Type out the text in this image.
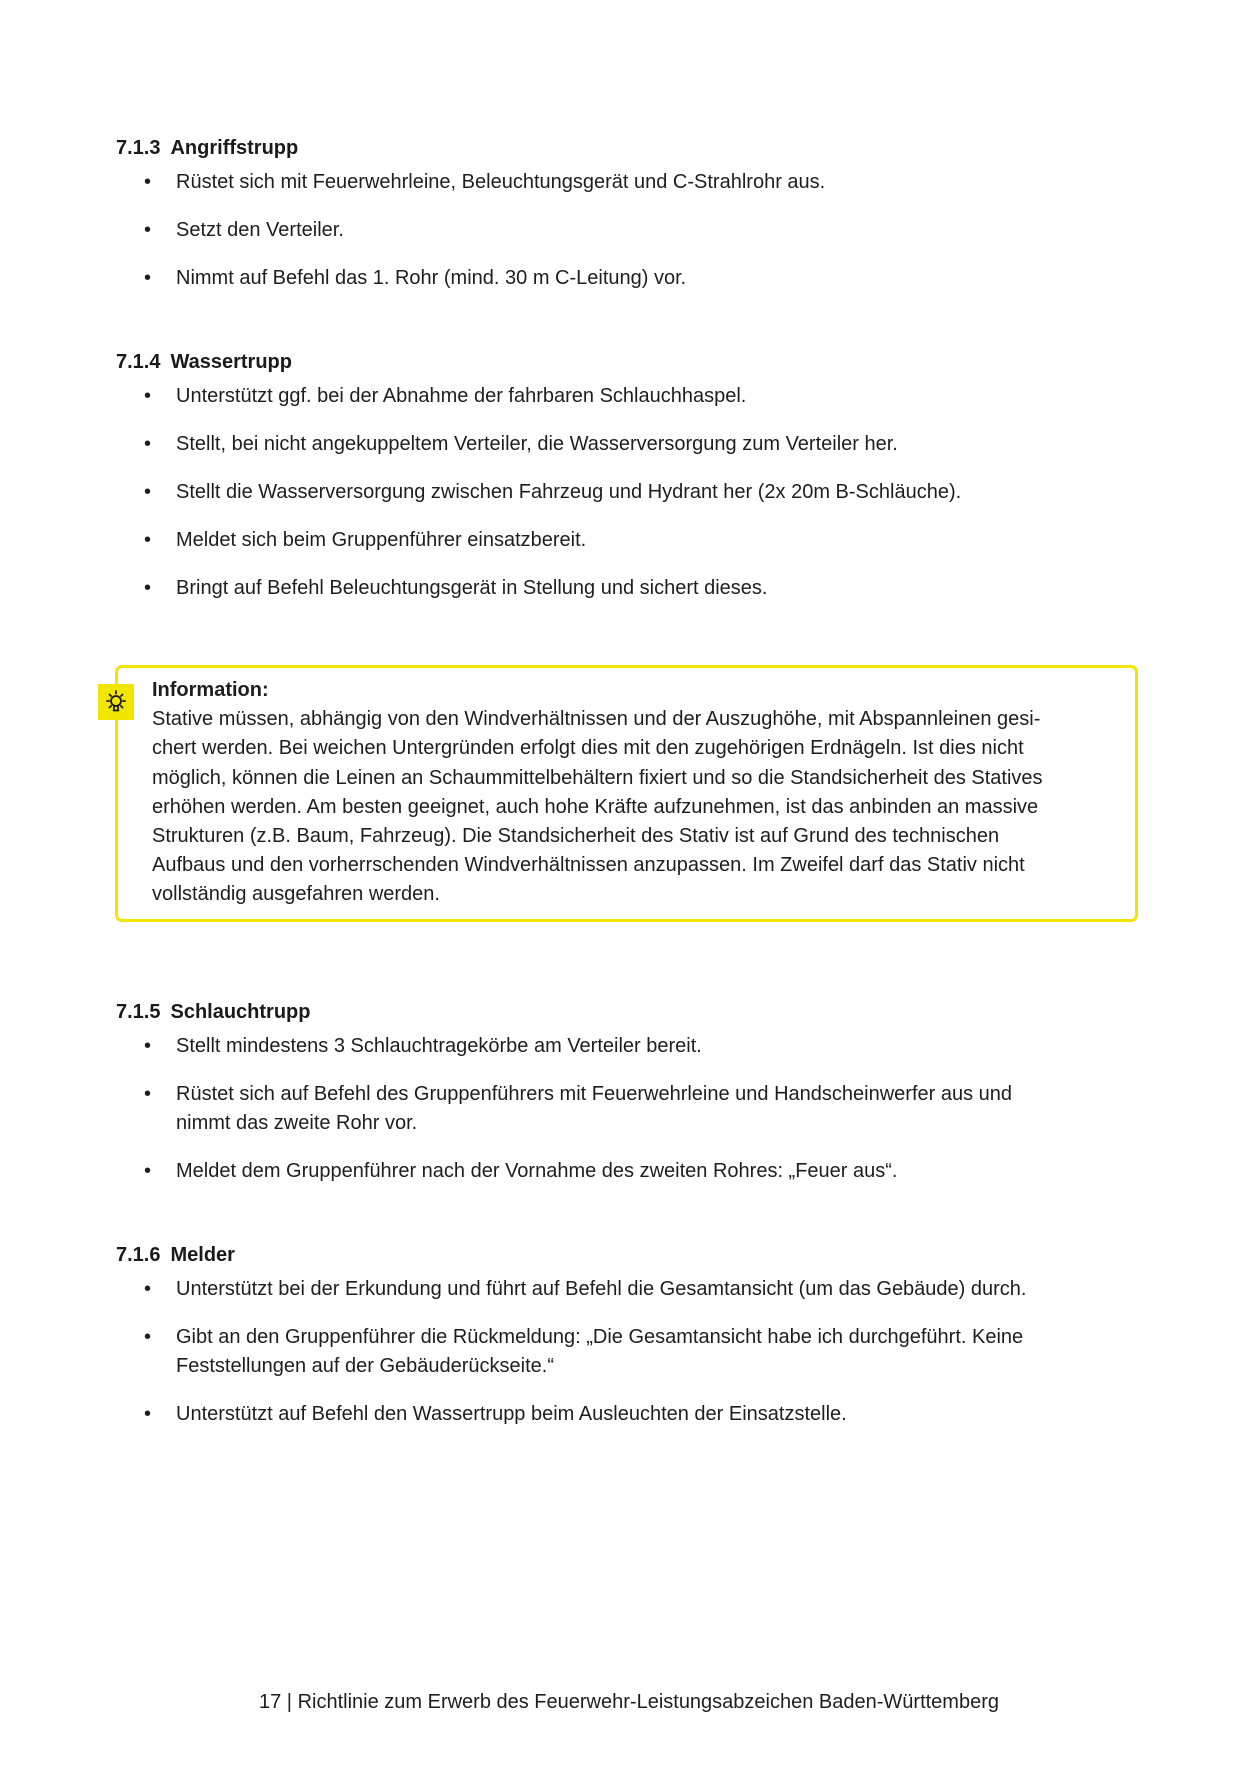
7.1.3 Angriffstrupp
• Rüstet sich mit Feuerwehrleine, Beleuchtungsgerät und C-Strahlrohr aus.
• Setzt den Verteiler.
• Nimmt auf Befehl das 1. Rohr (mind. 30 m C-Leitung) vor.
7.1.4 Wassertrupp
• Unterstützt ggf. bei der Abnahme der fahrbaren Schlauchhaspel.
• Stellt, bei nicht angekuppeltem Verteiler, die Wasserversorgung zum Verteiler her.
• Stellt die Wasserversorgung zwischen Fahrzeug und Hydrant her (2x 20m B-Schläuche).
• Meldet sich beim Gruppenführer einsatzbereit.
• Bringt auf Befehl Beleuchtungsgerät in Stellung und sichert dieses.
Information:
Stative müssen, abhängig von den Windverhältnissen und der Auszughöhe, mit Abspannleinen gesi-
chert werden. Bei weichen Untergründen erfolgt dies mit den zugehörigen Erdnägeln. Ist dies nicht
möglich, können die Leinen an Schaummittelbehältern fixiert und so die Standsicherheit des Statives
erhöhen werden. Am besten geeignet, auch hohe Kräfte aufzunehmen, ist das anbinden an massive
Strukturen (z.B. Baum, Fahrzeug). Die Standsicherheit des Stativ ist auf Grund des technischen
Aufbaus und den vorherrschenden Windverhältnissen anzupassen. Im Zweifel darf das Stativ nicht
vollständig ausgefahren werden.
7.1.5 Schlauchtrupp
• Stellt mindestens 3 Schlauchtragekörbe am Verteiler bereit.
• Rüstet sich auf Befehl des Gruppenführers mit Feuerwehrleine und Handscheinwerfer aus und nimmt das zweite Rohr vor.
• Meldet dem Gruppenführer nach der Vornahme des zweiten Rohres: „Feuer aus“.
7.1.6 Melder
• Unterstützt bei der Erkundung und führt auf Befehl die Gesamtansicht (um das Gebäude) durch.
• Gibt an den Gruppenführer die Rückmeldung: „Die Gesamtansicht habe ich durchgeführt. Keine Feststellungen auf der Gebäuderückseite.“
• Unterstützt auf Befehl den Wassertrupp beim Ausleuchten der Einsatzstelle.
17 | Richtlinie zum Erwerb des Feuerwehr-Leistungsabzeichen Baden-Württemberg
